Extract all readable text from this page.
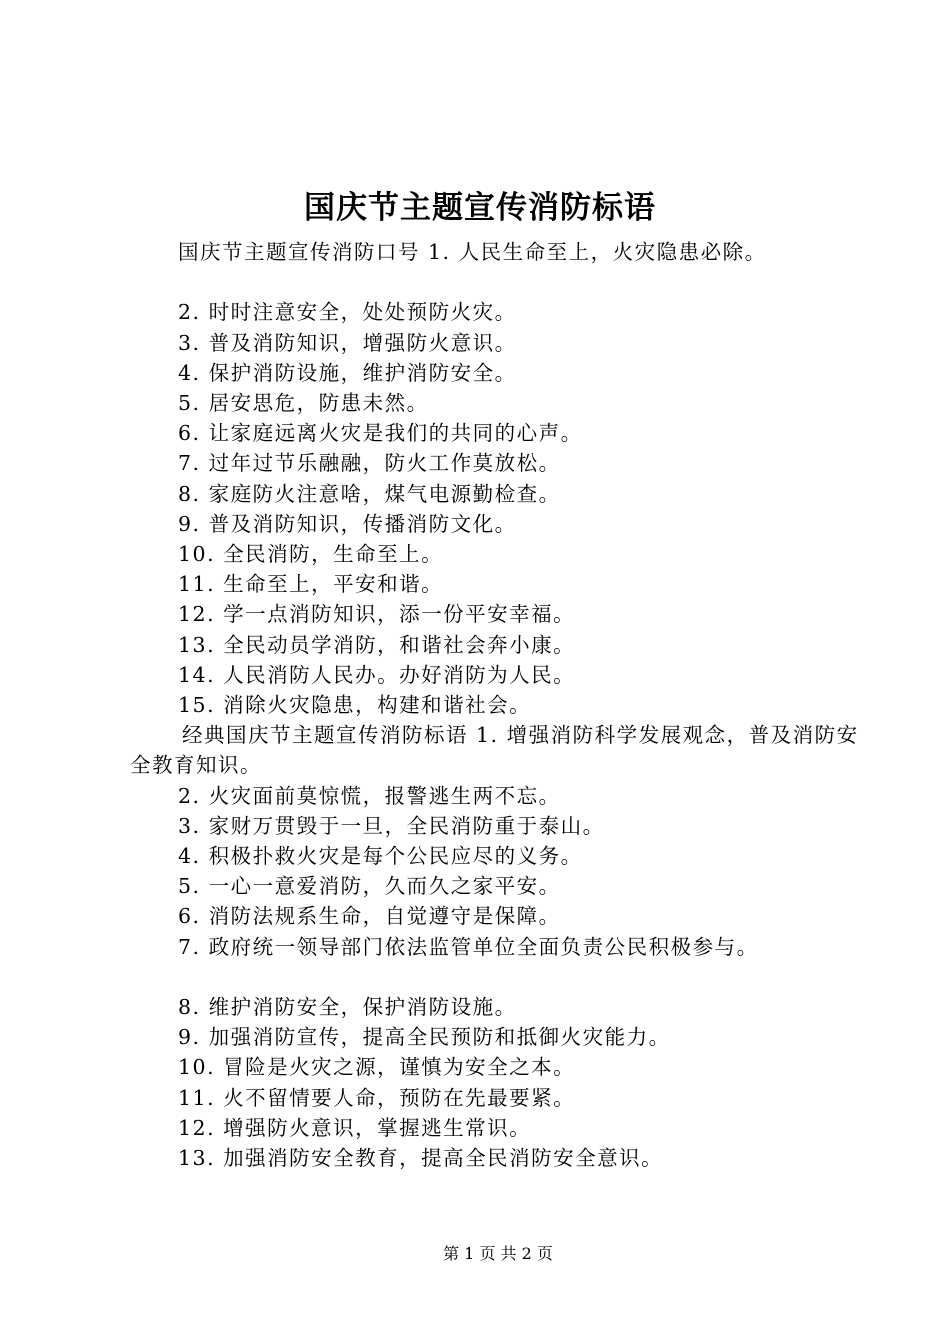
国庆节主题宣传消防标语

国庆节主题宣传消防口号 1. 人民生命至上，火灾隐患必除。

2. 时时注意安全，处处预防火灾。

3. 普及消防知识，增强防火意识。

4. 保护消防设施，维护消防安全。

5. 居安思危，防患未然。

6. 让家庭远离火灾是我们的共同的心声。

7. 过年过节乐融融，防火工作莫放松。

8. 家庭防火注意啥，煤气电源勤检查。

9. 普及消防知识，传播消防文化。

10. 全民消防，生命至上。

11. 生命至上，平安和谐。

12. 学一点消防知识，添一份平安幸福。

13. 全民动员学消防，和谐社会奔小康。

14. 人民消防人民办。办好消防为人民。

15. 消除火灾隐患，构建和谐社会。

经典国庆节主题宣传消防标语 1. 增强消防科学发展观念，普及消防安全教育知识。

2. 火灾面前莫惊慌，报警逃生两不忘。

3. 家财万贯毁于一旦，全民消防重于泰山。

4. 积极扑救火灾是每个公民应尽的义务。

5. 一心一意爱消防，久而久之家平安。

6. 消防法规系生命，自觉遵守是保障。

7. 政府统一领导部门依法监管单位全面负责公民积极参与。

8. 维护消防安全，保护消防设施。

9. 加强消防宣传，提高全民预防和抵御火灾能力。

10. 冒险是火灾之源，谨慎为安全之本。

11. 火不留情要人命，预防在先最要紧。

12. 增强防火意识，掌握逃生常识。

13. 加强消防安全教育，提高全民消防安全意识。

第 1 页 共 2 页
